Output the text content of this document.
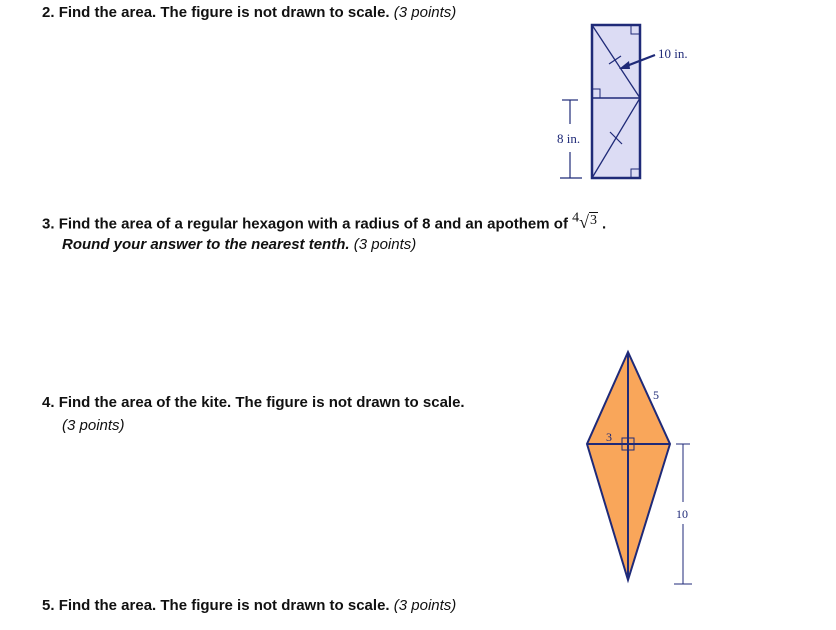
2. Find the area. The figure is not drawn to scale. (3 points)
10 in.
8 in.
3. Find the area of a regular hexagon with a radius of 8 and an apothem of $^4$√3 .
Round your answer to the nearest tenth. (3 points)
4. Find the area of the kite. The figure is not drawn to scale.
(3 points)
3
5
10
5. Find the area. The figure is not drawn to scale. (3 points)
